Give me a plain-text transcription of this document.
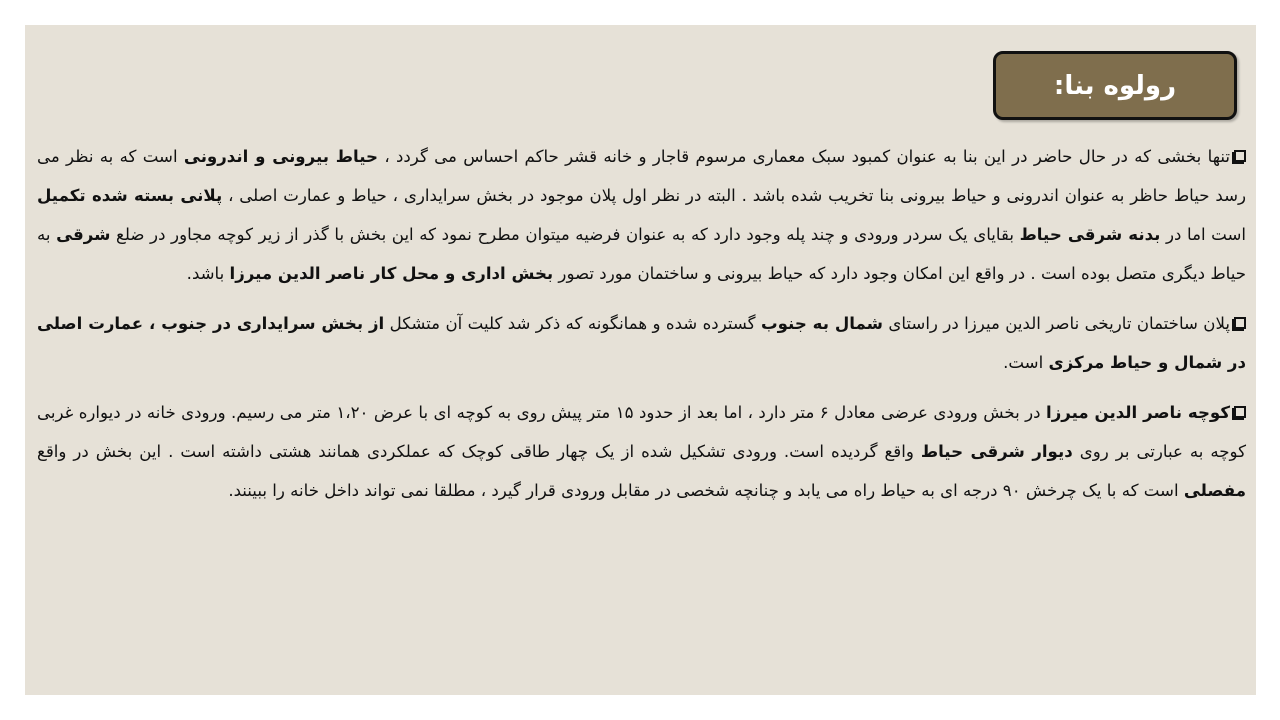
رولوه بنا:

تنها بخشی که در حال حاضر در این بنا به عنوان کمبود سبک معماری مرسوم قاجار و خانه قشر حاکم احساس می گردد ، حیاط بیرونی و اندرونی است که به نظر می رسد حیاط حاظر به عنوان اندرونی و حیاط بیرونی بنا تخریب شده باشد . البته در نظر اول پلان موجود در بخش سرایداری ، حیاط و عمارت اصلی ، پلانی بسته شده تکمیل است اما در بدنه شرقی حیاط بقایای یک سردر ورودی و چند پله وجود دارد که به عنوان فرضیه میتوان مطرح نمود که این بخش با گذر از زیر کوچه مجاور در ضلع شرقی به حیاط دیگری متصل بوده است . در واقع این امکان وجود دارد که حیاط بیرونی و ساختمان مورد تصور بخش اداری و محل کار ناصر الدین میرزا باشد.

پلان ساختمان تاریخی ناصر الدین میرزا در راستای شمال به جنوب گسترده شده و همانگونه که ذکر شد کلیت آن متشکل از بخش سرایداری در جنوب ، عمارت اصلی در شمال و حیاط مرکزی است.

کوچه ناصر الدین میرزا در بخش ورودی عرضی معادل ۶ متر دارد ، اما بعد از حدود ۱۵ متر پیش روی به کوچه ای با عرض ۱،۲۰ متر می رسیم. ورودی خانه در دیواره غربی کوچه به عبارتی بر روی دیوار شرقی حیاط واقع گردیده است. ورودی تشکیل شده از یک چهار طاقی کوچک که عملکردی همانند هشتی داشته است . این بخش در واقع مفصلی است که با یک چرخش ۹۰ درجه ای به حیاط راه می یابد و چنانچه شخصی در مقابل ورودی قرار گیرد ، مطلقا نمی تواند داخل خانه را ببینند.
